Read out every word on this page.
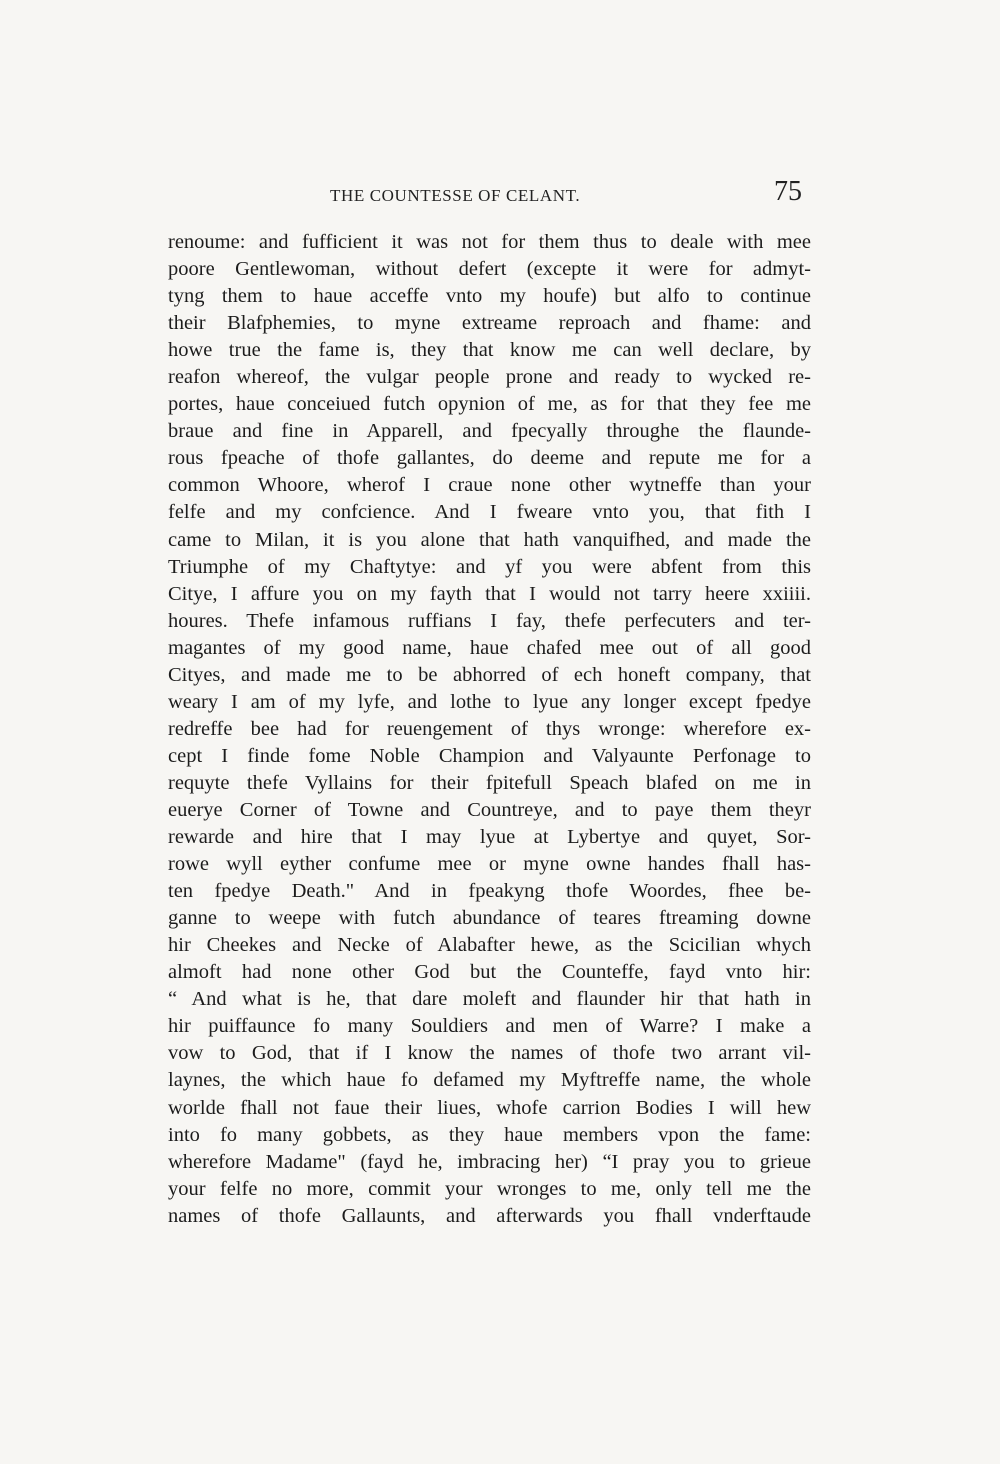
THE COUNTESSE OF CELANT.	75
renoume: and fufficient it was not for them thus to deale with mee
poore Gentlewoman, without defert (excepte it were for admyt-
tyng them to haue acceffe vnto my houfe) but alfo to continue
their Blafphemies, to myne extreame reproach and fhame: and
howe true the fame is, they that know me can well declare, by
reafon whereof, the vulgar people prone and ready to wycked re-
portes, haue conceiued futch opynion of me, as for that they fee me
braue and fine in Apparell, and fpecyally throughe the flaunde-
rous fpeache of thofe gallantes, do deeme and repute me for a
common Whoore, wherof I craue none other wytneffe than your
felfe and my confcience. And I fweare vnto you, that fith I
came to Milan, it is you alone that hath vanquifhed, and made the
Triumphe of my Chaftytye: and yf you were abfent from this
Citye, I affure you on my fayth that I would not tarry heere xxiiii.
houres. Thefe infamous ruffians I fay, thefe perfecuters and ter-
magantes of my good name, haue chafed mee out of all good
Cityes, and made me to be abhorred of ech honeft company, that
weary I am of my lyfe, and lothe to lyue any longer except fpedye
redreffe bee had for reuengement of thys wronge: wherefore ex-
cept I finde fome Noble Champion and Valyaunte Perfonage to
requyte thefe Vyllains for their fpitefull Speach blafed on me in
euerye Corner of Towne and Countreye, and to paye them theyr
rewarde and hire that I may lyue at Lybertye and quyet, Sor-
rowe wyll eyther confume mee or myne owne handes fhall has-
ten fpedye Death." And in fpeakyng thofe Woordes, fhee be-
ganne to weepe with futch abundance of teares ftreaming downe
hir Cheekes and Necke of Alabafter hewe, as the Scicilian whych
almoft had none other God but the Counteffe, fayd vnto hir:
“ And what is he, that dare moleft and flaunder hir that hath in
hir puiffaunce fo many Souldiers and men of Warre? I make a
vow to God, that if I know the names of thofe two arrant vil-
laynes, the which haue fo defamed my Myftreffe name, the whole
worlde fhall not faue their liues, whofe carrion Bodies I will hew
into fo many gobbets, as they haue members vpon the fame:
wherefore Madame" (fayd he, imbracing her) “I pray you to grieue
your felfe no more, commit your wronges to me, only tell me the
names of thofe Gallaunts, and afterwards you fhall vnderftaude
